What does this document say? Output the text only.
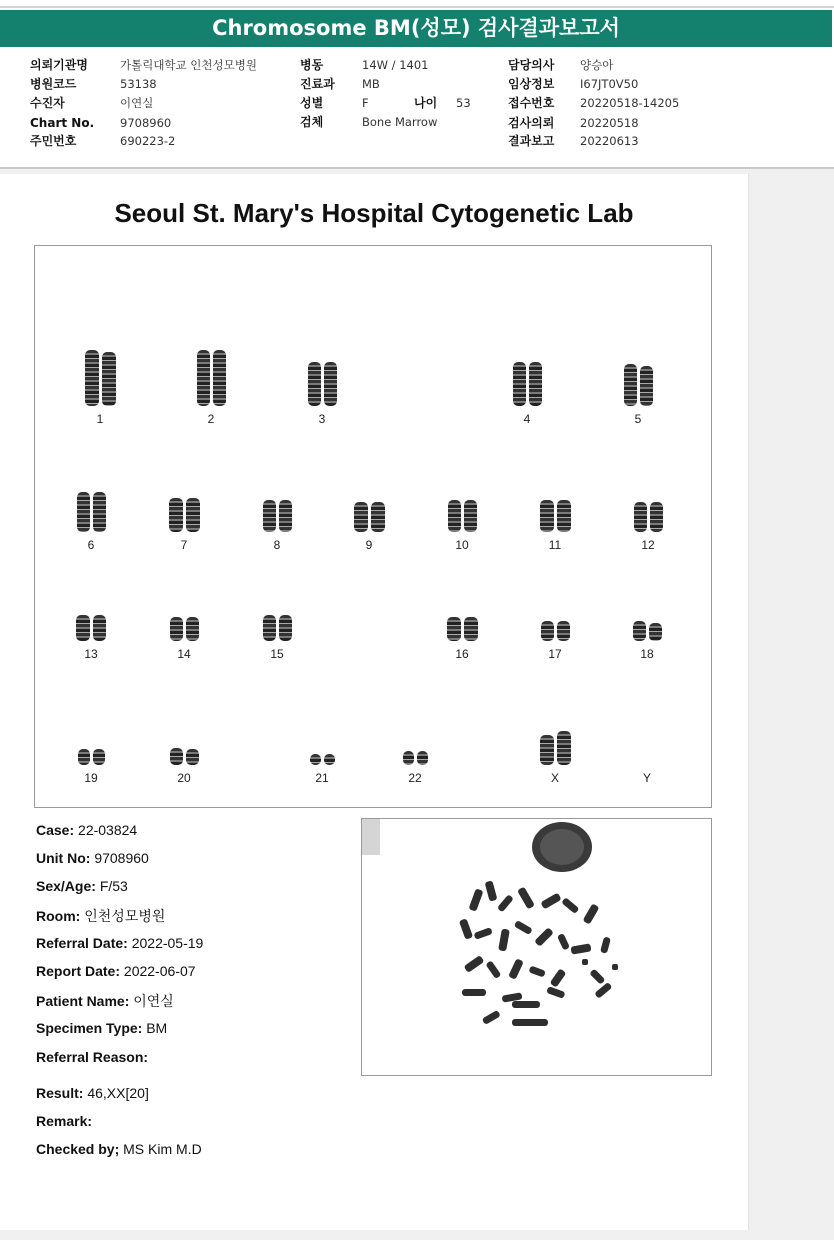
Chromosome BM(성모) 검사결과보고서
의뢰기관명	가톨릭대학교 인천성모병원
병원코드	53138
수진자	이연실
Chart No. 9708960
주민번호	690223-2
병동	14W / 1401
진료과 MB
성별	F	나이 53
검체	Bone Marrow
담당의사 양승아
임상정보 I67JT0V50
접수번호 20220518-14205
검사의뢰 20220518
결과보고 20220613
Seoul St. Mary's Hospital Cytogenetic Lab
1	2	3	4	5
6	7	8	9	10	11	12
13	14	15	16	17	18
19	20	21	22	X	Y
Case: 22-03824
Unit No: 9708960
Sex/Age: F/53
Room: 인천성모병원
Referral Date: 2022-05-19
Report Date: 2022-06-07
Patient Name: 이연실
Specimen Type: BM
Referral Reason:
Result: 46,XX[20]
Remark:
Checked by; MS Kim M.D
